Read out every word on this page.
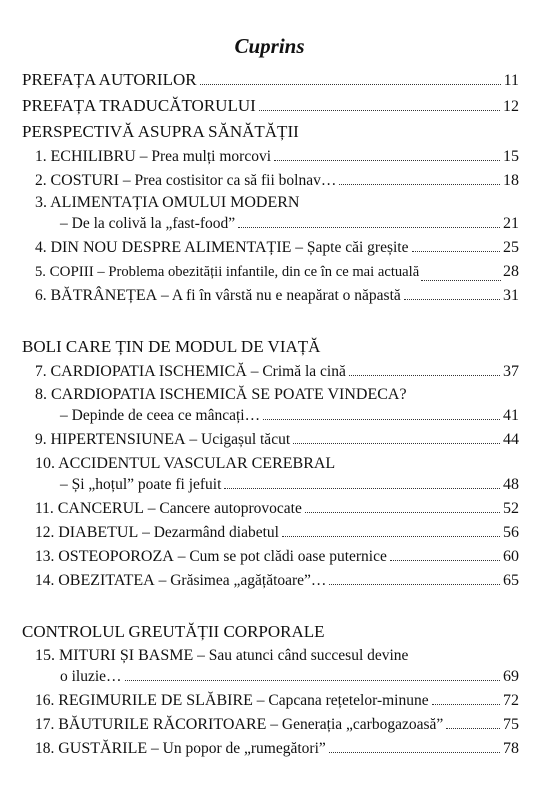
Cuprins
PREFAȚA AUTORILOR	11
PREFAȚA TRADUCĂTORULUI	12
PERSPECTIVĂ ASUPRA SĂNĂTĂȚII
1. ECHILIBRU – Prea mulți morcovi	15
2. COSTURI – Prea costisitor ca să fii bolnav…	18
3. ALIMENTAȚIA OMULUI MODERN
– De la colivă la „fast-food”	21
4. DIN NOU DESPRE ALIMENTAȚIE – Șapte căi greșite	25
5. COPIII – Problema obezității infantile, din ce în ce mai actuală	28
6. BĂTRÂNEȚEA – A fi în vârstă nu e neapărat o năpastă	31
BOLI CARE ȚIN DE MODUL DE VIAȚĂ
7. CARDIOPATIA ISCHEMICĂ – Crimă la cină	37
8. CARDIOPATIA ISCHEMICĂ SE POATE VINDECA?
– Depinde de ceea ce mâncați…	41
9. HIPERTENSIUNEA – Ucigașul tăcut	44
10. ACCIDENTUL VASCULAR CEREBRAL
– Și „hoțul” poate fi jefuit	48
11. CANCERUL – Cancere autoprovocate	52
12. DIABETUL – Dezarmând diabetul	56
13. OSTEOPOROZA – Cum se pot clădi oase puternice	60
14. OBEZITATEA – Grăsimea „agățătoare”…	65
CONTROLUL GREUTĂȚII CORPORALE
15. MITURI ȘI BASME – Sau atunci când succesul devine
o iluzie…	69
16. REGIMURILE DE SLĂBIRE – Capcana rețetelor-minune	72
17. BĂUTURILE RĂCORITOARE – Generația „carbogazoasă”	75
18. GUSTĂRILE – Un popor de „rumegători”	78
